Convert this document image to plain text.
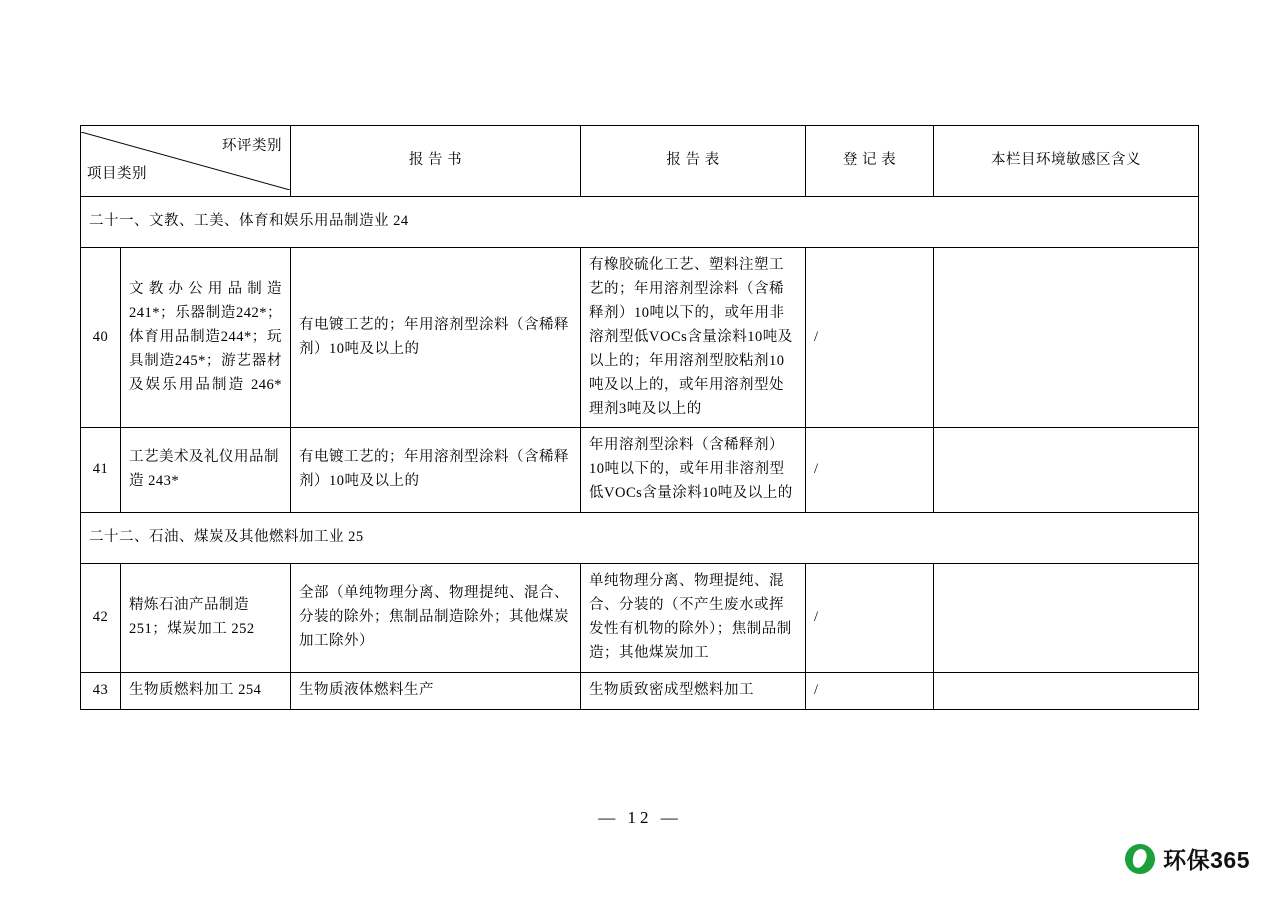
环评类别
项目类别		报 告 书	报 告 表	登 记 表	本栏目环境敏感区含义
二十一、文教、工美、体育和娱乐用品制造业 24					
40	文教办公用品制造241*；乐器制造242*；体育用品制造244*；玩具制造245*；游艺器材及娱乐用品制造 246*	有电镀工艺的；年用溶剂型涂料（含稀释剂）10吨及以上的	有橡胶硫化工艺、塑料注塑工艺的；年用溶剂型涂料（含稀释剂）10吨以下的，或年用非溶剂型低VOCs含量涂料10吨及以上的；年用溶剂型胶粘剂10吨及以上的，或年用溶剂型处理剂3吨及以上的	/	
41	工艺美术及礼仪用品制造 243*	有电镀工艺的；年用溶剂型涂料（含稀释剂）10吨及以上的	年用溶剂型涂料（含稀释剂）10吨以下的，或年用非溶剂型低VOCs含量涂料10吨及以上的	/	
二十二、石油、煤炭及其他燃料加工业 25					
42	精炼石油产品制造251；煤炭加工 252	全部（单纯物理分离、物理提纯、混合、分装的除外；焦制品制造除外；其他煤炭加工除外）	单纯物理分离、物理提纯、混合、分装的（不产生废水或挥发性有机物的除外）；焦制品制造；其他煤炭加工	/	
43	生物质燃料加工 254	生物质液体燃料生产	生物质致密成型燃料加工	/	
— 12 —
环保365
